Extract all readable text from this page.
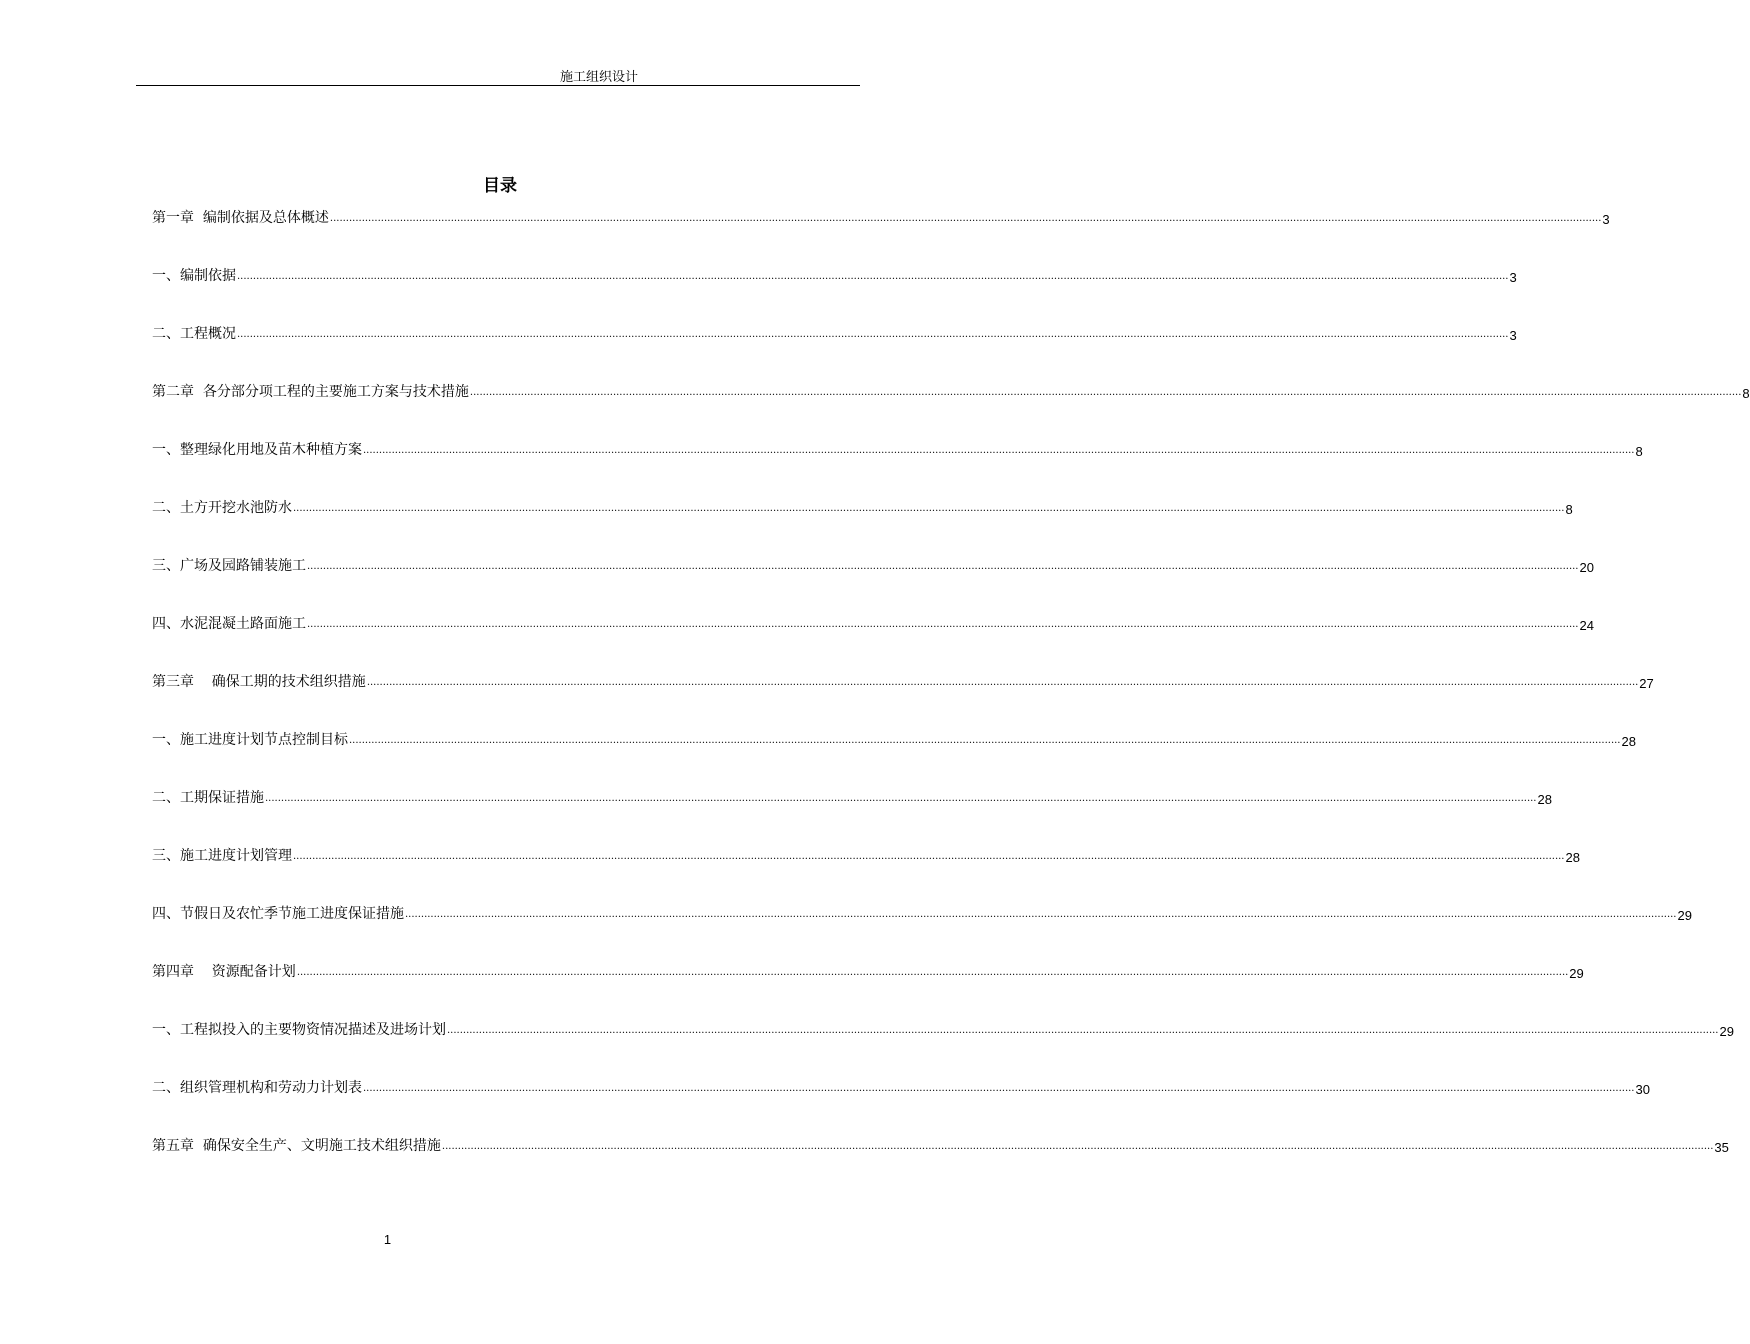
施工组织设计
目录
第一章  编制依据及总体概述 ................................................................................................................................................................................................................................................................................................................................................................................................................ 3
一、编制依据 ................................................................................................................................................................................................................................................................................................................................................................................................................ 3
二、工程概况 ................................................................................................................................................................................................................................................................................................................................................................................................................ 3
第二章  各分部分项工程的主要施工方案与技术措施 ................................................................................................................................................................................................................................................................................................................................................................................................................ 8
一、整理绿化用地及苗木种植方案 ................................................................................................................................................................................................................................................................................................................................................................................................................ 8
二、土方开挖水池防水 ................................................................................................................................................................................................................................................................................................................................................................................................................ 8
三、广场及园路铺装施工 ................................................................................................................................................................................................................................................................................................................................................................................................................ 20
四、水泥混凝土路面施工 ................................................................................................................................................................................................................................................................................................................................................................................................................ 24
第三章    确保工期的技术组织措施 ................................................................................................................................................................................................................................................................................................................................................................................................................ 27
一、施工进度计划节点控制目标 ................................................................................................................................................................................................................................................................................................................................................................................................................ 28
二、工期保证措施 ................................................................................................................................................................................................................................................................................................................................................................................................................ 28
三、施工进度计划管理 ................................................................................................................................................................................................................................................................................................................................................................................................................ 28
四、节假日及农忙季节施工进度保证措施 ................................................................................................................................................................................................................................................................................................................................................................................................................ 29
第四章    资源配备计划 ................................................................................................................................................................................................................................................................................................................................................................................................................ 29
一、工程拟投入的主要物资情况描述及进场计划 ................................................................................................................................................................................................................................................................................................................................................................................................................ 29
二、组织管理机构和劳动力计划表 ................................................................................................................................................................................................................................................................................................................................................................................................................ 30
第五章  确保安全生产、文明施工技术组织措施 ................................................................................................................................................................................................................................................................................................................................................................................................................ 35
1
